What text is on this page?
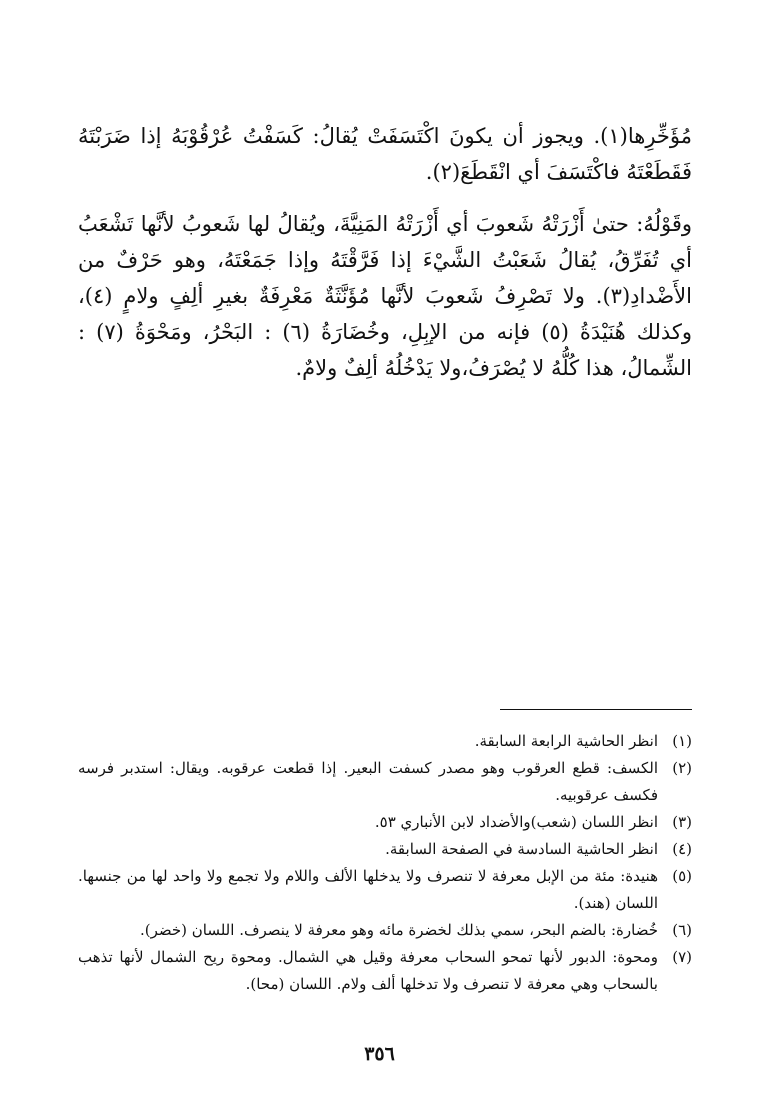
مُؤَخِّرِها(١). ويجوز أن يكونَ اكْتَسَفَتْ يُقالُ: كَسَفْتُ عُرْقُوْبَهُ إذا ضَرَبْتَهُ فَقَطَعْتَهُ فاكْتَسَفَ أي انْقَطَعَ(٢).

وقَوْلُهُ: حتىٰ أَزْرَتْهُ شَعوبَ أي أَزْرَتْهُ المَنِيَّةَ، ويُقالُ لها شَعوبُ لأنَّها تَشْعَبُ أي تُفَرِّقُ، يُقالُ شَعَبْتُ الشَّيْءَ إذا فَرَّقْتَهُ وإذا جَمَعْتَهُ، وهو حَرْفٌ من الأَضْدادِ(٣). ولا تَصْرِفُ شَعوبَ لأنَّها مُؤَنَّثَةٌ مَعْرِفَةٌ بغيرِ ألِفٍ ولامٍ (٤)، وكذلك هُنَيْدَةُ (٥) فإنه من الإبِلِ، وخُضَارَةُ (٦) : البَحْرُ، ومَحْوَةُ (٧) : الشِّمالُ، هذا كُلُّهُ لا يُصْرَفُ،ولا يَدْخُلُهُ ألِفٌ ولامٌ.

(١)
انظر الحاشية الرابعة السابقة.
(٢)
الكسف: قطع العرقوب وهو مصدر كسفت البعير. إذا قطعت عرقوبه. ويقال: استدبر فرسه فكسف عرقوبيه.
(٣)
انظر اللسان (شعب)والأضداد لابن الأنباري ٥٣.
(٤)
انظر الحاشية السادسة في الصفحة السابقة.
(٥)
هنيدة: مئة من الإبل معرفة لا تنصرف ولا يدخلها الألف واللام ولا تجمع ولا واحد لها من جنسها. اللسان (هند).
(٦)
خُضارة: بالضم البحر، سمي بذلك لخضرة مائه وهو معرفة لا ينصرف. اللسان (خضر).
(٧)
ومحوة: الدبور لأنها تمحو السحاب معرفة وقيل هي الشمال. ومحوة ريح الشمال لأنها تذهب بالسحاب وهي معرفة لا تنصرف ولا تدخلها ألف ولام. اللسان (محا).
٣٥٦
